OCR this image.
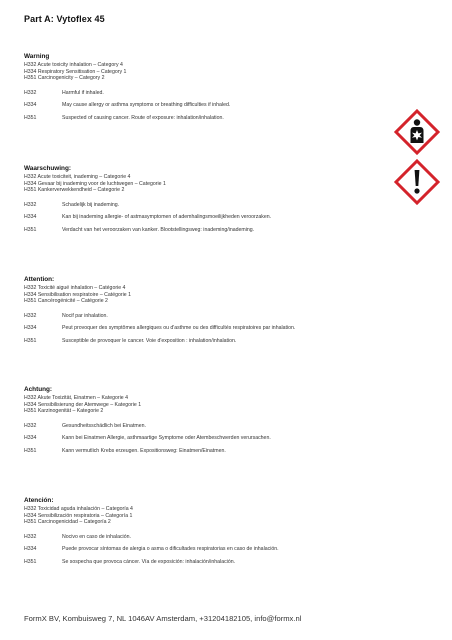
Part A: Vytoflex 45
Warning
H332 Acute toxicity inhalation – Category 4
H334 Respiratory Sensitisation – Category 1
H351 Carcinogenicity – Category 2
H332	Harmful if inhaled.
H334	May cause allergy or asthma symptoms or breathing difficulties if inhaled.
H351	Suspected of causing cancer. Route of exposure: inhalation/inhalation.
Waarschuwing:
H332 Acute toxiciteit, inademing – Categorie 4
H334 Gevaar bij inademing voor de luchtwegen – Categorie 1
H351 Kankerverwekkendheid – Categorie 2
H332	Schadelijk bij inademing.
H334	Kan bij inademing allergie- of astmasymptomen of ademhalingsmoeilijkheden veroorzaken.
H351	Verdacht van het veroorzaken van kanker. Blootstellingsweg: inademing/inademing.
Attention:
H332 Toxicité aiguë inhalation – Catégorie 4
H334 Sensibilisation respiratoire – Catégorie 1
H351 Cancérogénicité – Catégorie 2
H332	Nocif par inhalation.
H334	Peut provoquer des symptômes allergiques ou d'asthme ou des difficultés respiratoires par inhalation.
H351	Susceptible de provoquer le cancer. Voie d'exposition : inhalation/inhalation.
Achtung:
H332 Akute Toxizität, Einatmen – Kategorie 4
H334 Sensibilisierung der Atemwege – Kategorie 1
H351 Karzinogenität – Kategorie 2
H332	Gesundheitsschädlich bei Einatmen.
H334	Kann bei Einatmen Allergie, asthmaartige Symptome oder Atembeschwerden verursachen.
H351	Kann vermutlich Krebs erzeugen. Expositionsweg: Einatmen/Einatmen.
Atención:
H332 Toxicidad aguda inhalación – Categoría 4
H334 Sensibilización respiratoria – Categoría 1
H351 Carcinogenicidad – Categoría 2
H332	Nocivo en caso de inhalación.
H334	Puede provocar síntomas de alergia o asma o dificultades respiratorias en caso de inhalación.
H351	Se sospecha que provoca cáncer. Vía de exposición: inhalación/inhalación.
FormX BV, Kombuisweg 7, NL 1046AV Amsterdam, +31204182105, info@formx.nl
